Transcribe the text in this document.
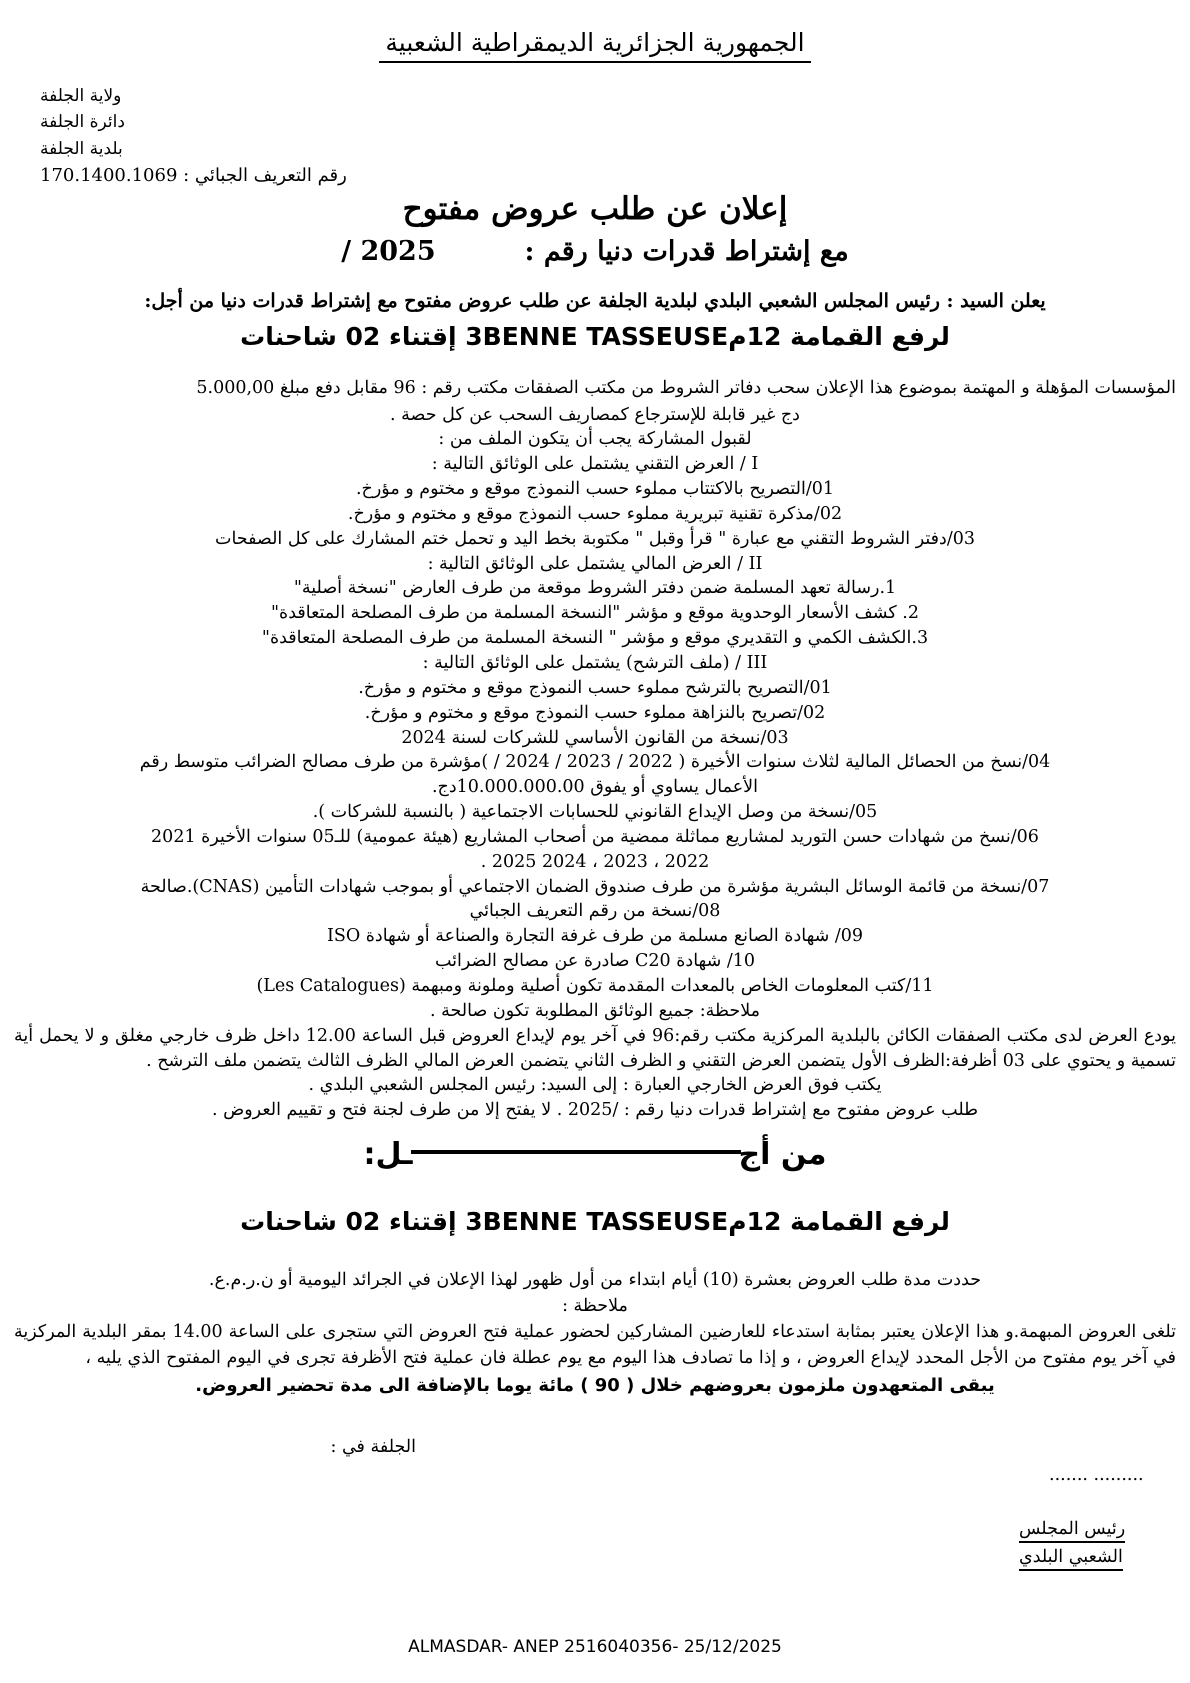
الجمهورية الجزائرية الديمقراطية الشعبية
ولاية الجلفة
دائرة الجلفة
بلدية الجلفة
رقم التعريف الجبائي : 170.1400.1069
إعلان عن طلب عروض مفتوح
مع إشتراط قدرات دنيا رقم :  / 2025
يعلن السيد : رئيس المجلس الشعبي البلدي لبلدية الجلفة عن طلب عروض مفتوح مع إشتراط قدرات دنيا من أجل:
لرفع القمامة 12م3BENNE TASSEUSE إقتناء 02 شاحنات

المؤسسات المؤهلة و المهتمة بموضوع هذا الإعلان سحب دفاتر الشروط من مكتب الصفقات مكتب رقم : 96 مقابل دفع مبلغ 5.000,00

دج غير قابلة للإسترجاع كمصاريف السحب عن كل حصة .

لقبول المشاركة يجب أن يتكون الملف من :

I / العرض التقني يشتمل على الوثائق التالية :

01/التصريح بالاكتتاب مملوء حسب النموذج موقع و مختوم و مؤرخ.

02/مذكرة تقنية تبريرية مملوء حسب النموذج موقع و مختوم و مؤرخ.

03/دفتر الشروط التقني مع عبارة " قرأ وقبل " مكتوبة بخط اليد و تحمل ختم المشارك على كل الصفحات

II / العرض المالي يشتمل على الوثائق التالية :

1.رسالة تعهد المسلمة ضمن دفتر الشروط موقعة من طرف العارض "نسخة أصلية"

2. كشف الأسعار الوحدوية موقع و مؤشر "النسخة المسلمة من طرف المصلحة المتعاقدة"

3.الكشف الكمي و التقديري موقع و مؤشر " النسخة المسلمة من طرف المصلحة المتعاقدة"

III / (ملف الترشح) يشتمل على الوثائق التالية :

01/التصريح بالترشح مملوء حسب النموذج موقع و مختوم و مؤرخ.

02/تصريح بالنزاهة مملوء حسب النموذج موقع و مختوم و مؤرخ.

03/نسخة من القانون الأساسي للشركات لسنة 2024

04/نسخ من الحصائل المالية لثلاث سنوات الأخيرة ( 2022 / 2023 / 2024 / )مؤشرة من طرف مصالح الضرائب متوسط رقم

الأعمال يساوي أو يفوق 10.000.000.00دج.

05/نسخة من وصل الإيداع القانوني للحسابات الاجتماعية ( بالنسبة للشركات ).

06/نسخ من شهادات حسن التوريد لمشاريع مماثلة ممضية من أصحاب المشاريع (هيئة عمومية) للـ05 سنوات الأخيرة 2021

2022 ، 2023 ، 2024 2025 .

07/نسخة من قائمة الوسائل البشرية مؤشرة من طرف صندوق الضمان الاجتماعي أو بموجب شهادات التأمين (CNAS).صالحة

08/نسخة من رقم التعريف الجبائي

09/ شهادة الصانع مسلمة من طرف غرفة التجارة والصناعة أو شهادة ISO

10/ شهادة C20 صادرة عن مصالح الضرائب

11/كتب المعلومات الخاص بالمعدات المقدمة تكون أصلية وملونة ومبهمة (Les Catalogues)

ملاحظة: جميع الوثائق المطلوبة تكون صالحة .

يودع العرض لدى مكتب الصفقات الكائن بالبلدية المركزية مكتب رقم:96 في آخر يوم لإيداع العروض قبل الساعة 12.00 داخل ظرف خارجي مغلق و لا يحمل أية تسمية و يحتوي على 03 أظرفة:الظرف الأول يتضمن العرض التقني و الظرف الثاني يتضمن العرض المالي الظرف الثالث يتضمن ملف الترشح .

يكتب فوق العرض الخارجي العبارة : إلى السيد: رئيس المجلس الشعبي البلدي .

طلب عروض مفتوح مع إشتراط قدرات دنيا رقم : /2025 . لا يفتح إلا من طرف لجنة فتح و تقييم العروض .

من أجـل:
لرفع القمامة 12م3BENNE TASSEUSE إقتناء 02 شاحنات

حددت مدة طلب العروض بعشرة (10) أيام ابتداء من أول ظهور لهذا الإعلان في الجرائد اليومية أو ن.ر.م.ع.

ملاحظة :

تلغى العروض المبهمة.و هذا الإعلان يعتبر بمثابة استدعاء للعارضين المشاركين لحضور عملية فتح العروض التي ستجرى على الساعة 14.00 بمقر البلدية المركزية في آخر يوم مفتوح من الأجل المحدد لإيداع العروض ، و إذا ما تصادف هذا اليوم مع يوم عطلة فان عملية فتح الأظرفة تجرى في اليوم المفتوح الذي يليه ،

يبقى المتعهدون ملزمون بعروضهم خلال ( 90 ) مائة يوما بالإضافة الى مدة تحضير العروض.

الجلفة في :
......... .......
رئيس المجلس الشعبي البلدي
ALMASDAR- ANEP 2516040356- 25/12/2025
